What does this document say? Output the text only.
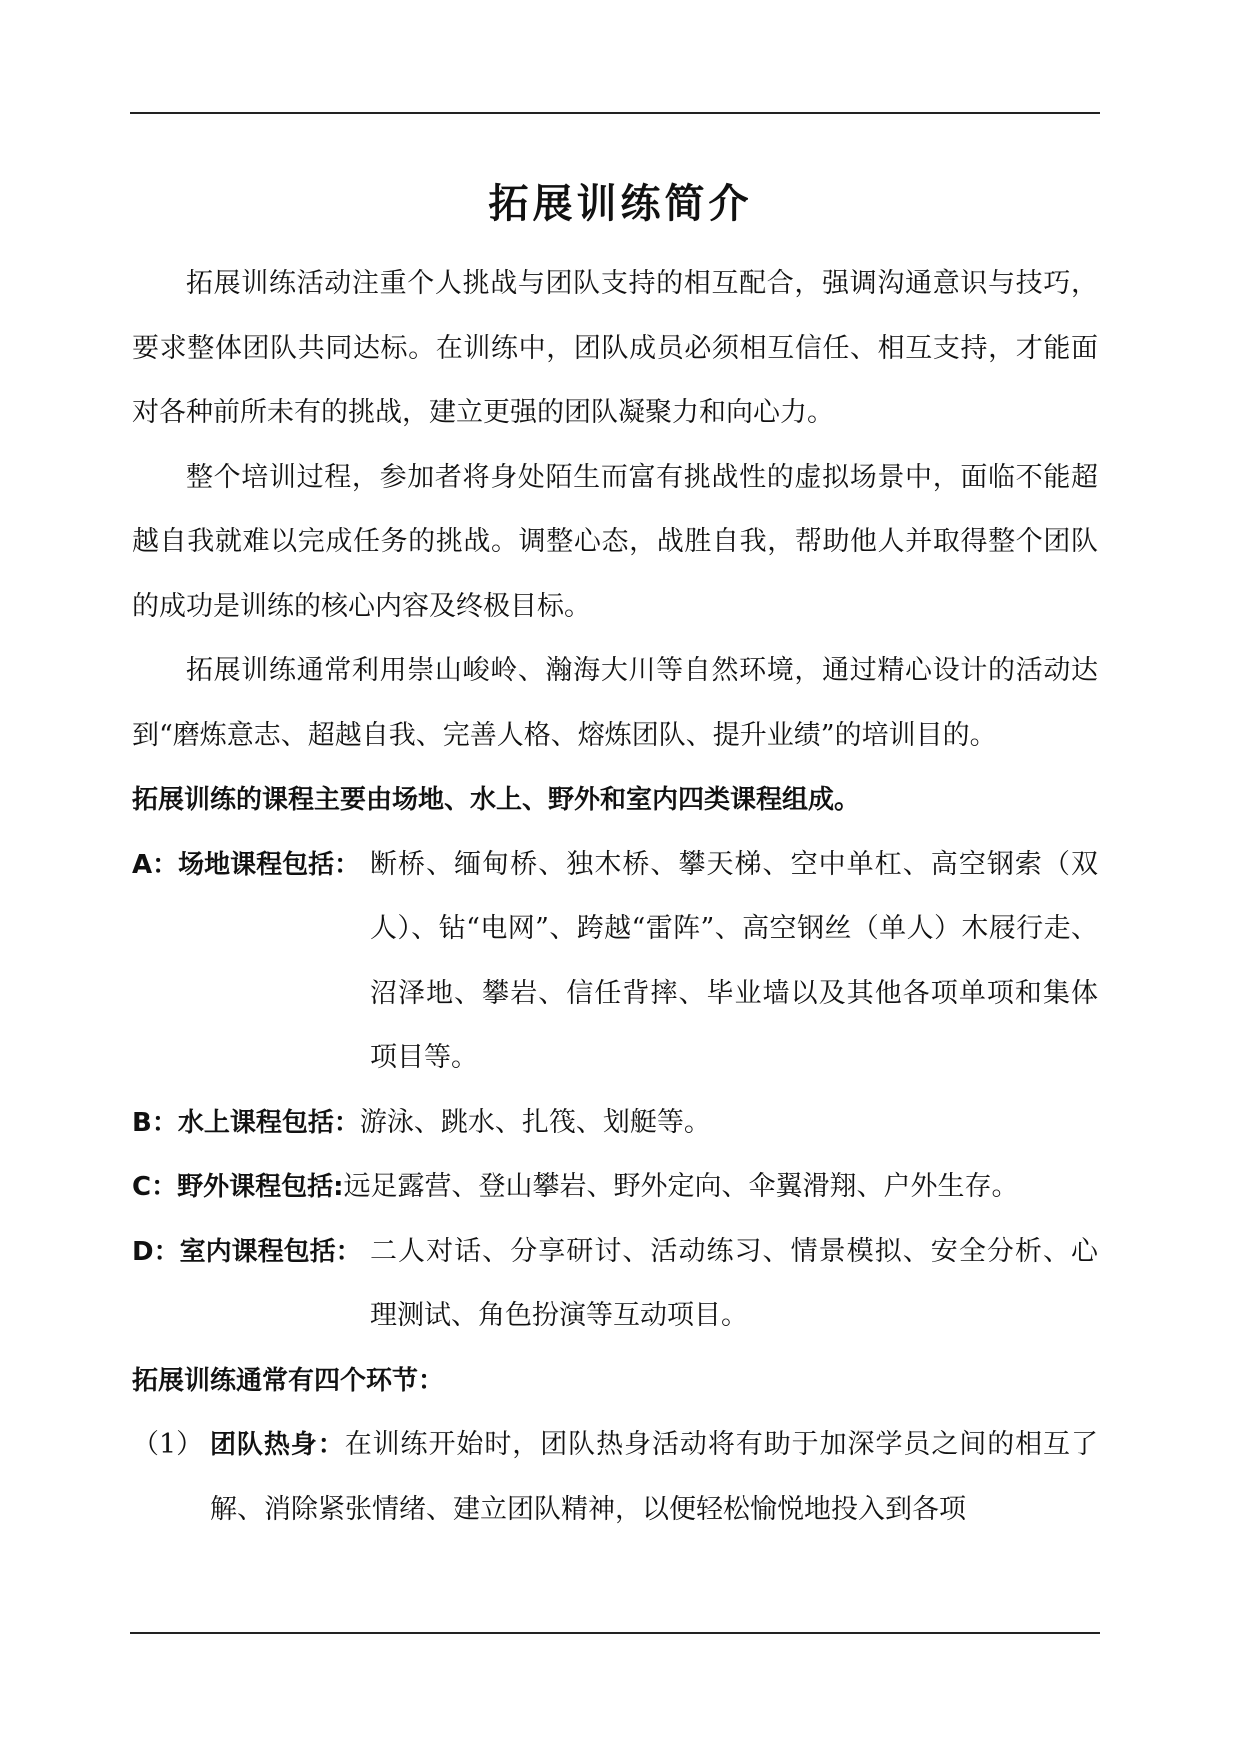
拓展训练简介

拓展训练活动注重个人挑战与团队支持的相互配合，强调沟通意识与技巧，要求整体团队共同达标。在训练中，团队成员必须相互信任、相互支持，才能面对各种前所未有的挑战，建立更强的团队凝聚力和向心力。

整个培训过程，参加者将身处陌生而富有挑战性的虚拟场景中，面临不能超越自我就难以完成任务的挑战。调整心态，战胜自我，帮助他人并取得整个团队的成功是训练的核心内容及终极目标。

拓展训练通常利用崇山峻岭、瀚海大川等自然环境，通过精心设计的活动达到“磨炼意志、超越自我、完善人格、熔炼团队、提升业绩”的培训目的。

拓展训练的课程主要由场地、水上、野外和室内四类课程组成。

A：场地课程包括： 断桥、缅甸桥、独木桥、攀天梯、空中单杠、高空钢索（双人）、钻“电网”、跨越“雷阵”、高空钢丝（单人）木屐行走、沼泽地、攀岩、信任背摔、毕业墙以及其他各项单项和集体项目等。
B：水上课程包括： 游泳、跳水、扎筏、划艇等。
C：野外课程包括: 远足露营、登山攀岩、野外定向、伞翼滑翔、户外生存。
D：室内课程包括： 二人对话、分享研讨、活动练习、情景模拟、安全分析、心理测试、角色扮演等互动项目。

拓展训练通常有四个环节：

（1） 团队热身：在训练开始时，团队热身活动将有助于加深学员之间的相互了解、消除紧张情绪、建立团队精神，以便轻松愉悦地投入到各项
